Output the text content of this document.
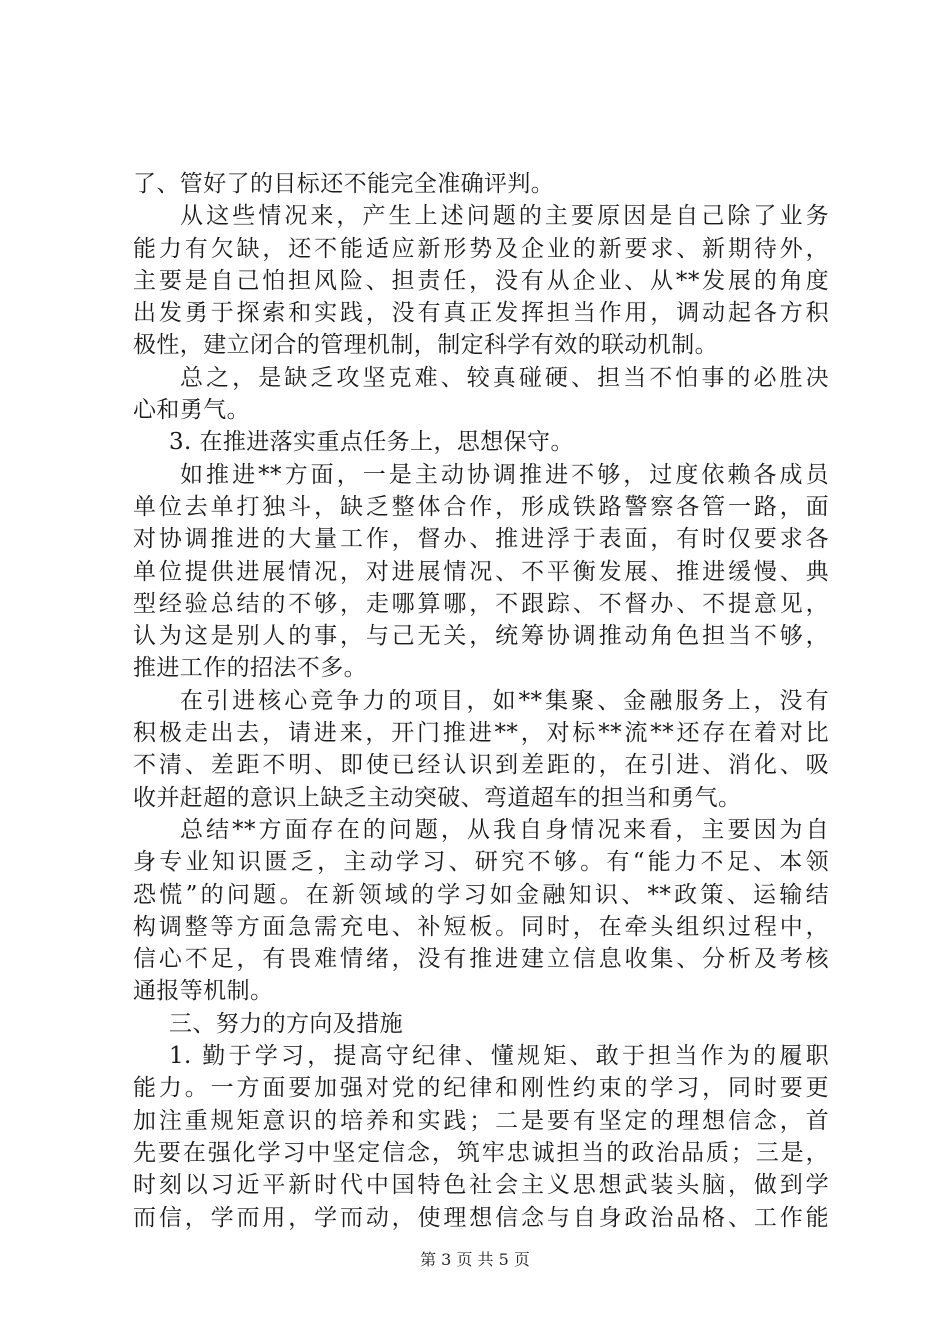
了、管好了的目标还不能完全准确评判。
从这些情况来，产生上述问题的主要原因是自己除了业务
能力有欠缺，还不能适应新形势及企业的新要求、新期待外，
主要是自己怕担风险、担责任，没有从企业、从**发展的角度
出发勇于探索和实践，没有真正发挥担当作用，调动起各方积
极性，建立闭合的管理机制，制定科学有效的联动机制。
总之，是缺乏攻坚克难、较真碰硬、担当不怕事的必胜决
心和勇气。
3. 在推进落实重点任务上，思想保守。
如推进**方面，一是主动协调推进不够，过度依赖各成员
单位去单打独斗，缺乏整体合作，形成铁路警察各管一路，面
对协调推进的大量工作，督办、推进浮于表面，有时仅要求各
单位提供进展情况，对进展情况、不平衡发展、推进缓慢、典
型经验总结的不够，走哪算哪，不跟踪、不督办、不提意见，
认为这是别人的事，与己无关，统筹协调推动角色担当不够，
推进工作的招法不多。
在引进核心竞争力的项目，如**集聚、金融服务上，没有
积极走出去，请进来，开门推进**，对标**流**还存在着对比
不清、差距不明、即使已经认识到差距的，在引进、消化、吸
收并赶超的意识上缺乏主动突破、弯道超车的担当和勇气。
总结**方面存在的问题，从我自身情况来看，主要因为自
身专业知识匮乏，主动学习、研究不够。有“能力不足、本领
恐慌”的问题。在新领域的学习如金融知识、**政策、运输结
构调整等方面急需充电、补短板。同时，在牵头组织过程中，
信心不足，有畏难情绪，没有推进建立信息收集、分析及考核
通报等机制。
三、努力的方向及措施
1. 勤于学习，提高守纪律、懂规矩、敢于担当作为的履职
能力。一方面要加强对党的纪律和刚性约束的学习，同时要更
加注重规矩意识的培养和实践；二是要有坚定的理想信念，首
先要在强化学习中坚定信念，筑牢忠诚担当的政治品质；三是，
时刻以习近平新时代中国特色社会主义思想武装头脑，做到学
而信，学而用，学而动，使理想信念与自身政治品格、工作能
第 3 页 共 5 页
